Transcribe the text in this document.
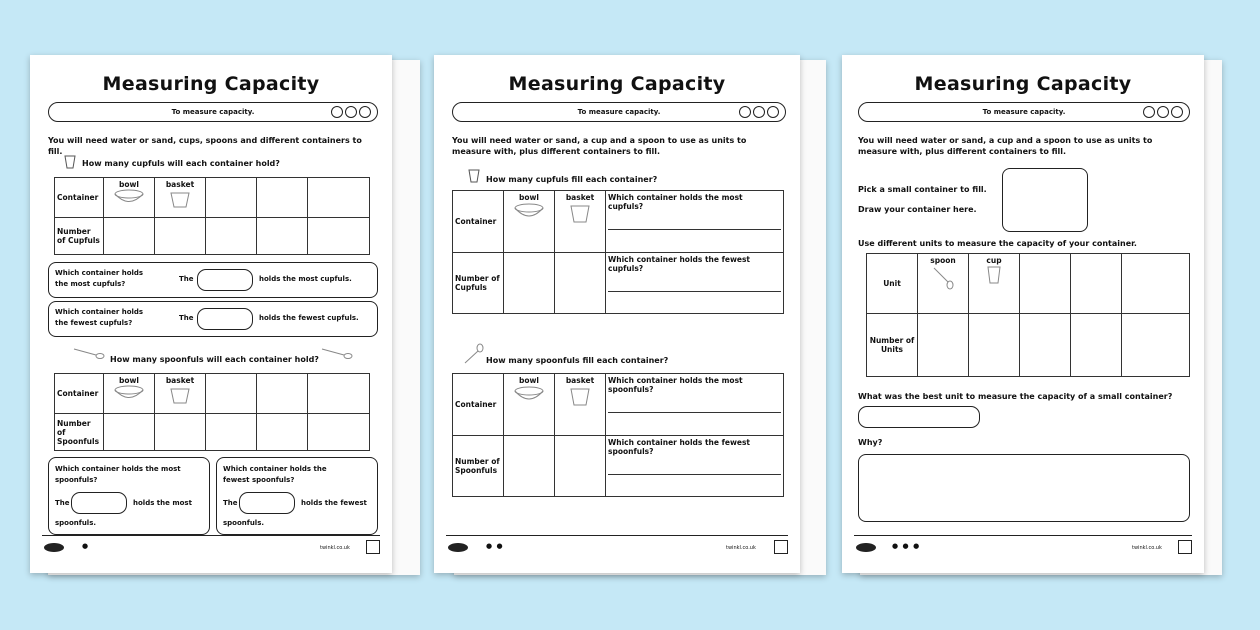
Measuring Capacity
To measure capacity.
You will need water or sand, cups, spoons and different containers to fill.
How many cupfuls will each container hold?
Container	bowl	basket			
Number of Cupfuls					
Which container holds the most cupfuls?
The	holds the most cupfuls.
Which container holds the fewest cupfuls?
The	holds the fewest cupfuls.
How many spoonfuls will each container hold?
Container	bowl	basket			
Number of Spoonfuls					
Which container holds the most spoonfuls?
The	holds the most
spoonfuls.
Which container holds the fewest spoonfuls?
The	holds the fewest
spoonfuls.
●	twinkl.co.uk
Measuring Capacity
To measure capacity.
You will need water or sand, a cup and a spoon to use as units to measure with, plus different containers to fill.
How many cupfuls fill each container?
Container	bowl	basket	Which container holds the most cupfuls?

Number of Cupfuls			Which container holds the fewest cupfuls?
How many spoonfuls fill each container?
Container	bowl	basket	Which container holds the most spoonfuls?

Number of Spoonfuls			Which container holds the fewest spoonfuls?
● ●	twinkl.co.uk
Measuring Capacity
To measure capacity.
You will need water or sand, a cup and a spoon to use as units to measure with, plus different containers to fill.
Pick a small container to fill.
Draw your container here.
Use different units to measure the capacity of your container.
Unit	spoon	cup

Number of Units					
What was the best unit to measure the capacity of a small container?
Why?
● ● ●	twinkl.co.uk
